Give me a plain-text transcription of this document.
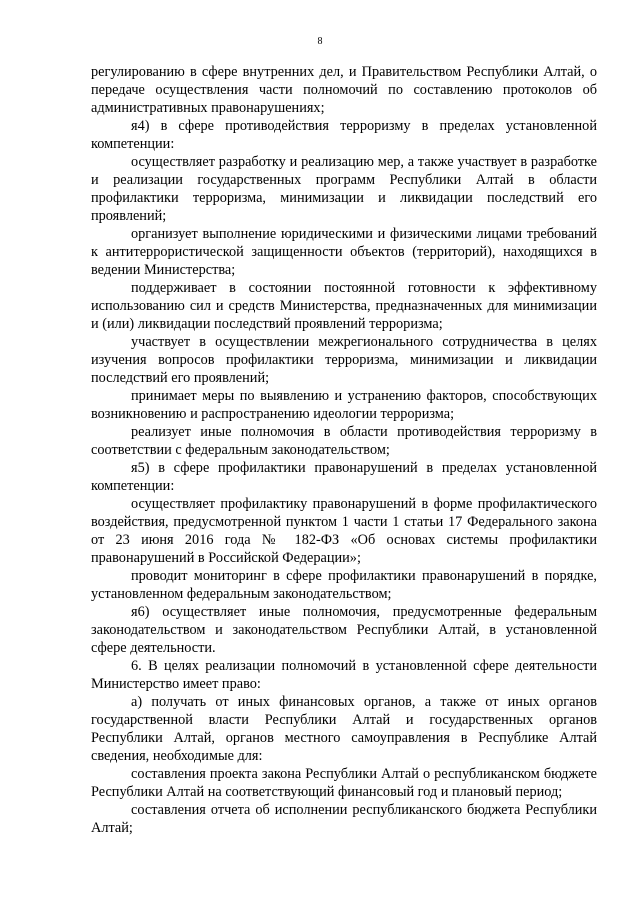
8

регулированию в сфере внутренних дел, и Правительством Республики Алтай, о передаче осуществления части полномочий по составлению протоколов об административных правонарушениях;

я4) в сфере противодействия терроризму в пределах установленной компетенции:

осуществляет разработку и реализацию мер, а также участвует в разработке и реализации государственных программ Республики Алтай в области профилактики терроризма, минимизации и ликвидации последствий его проявлений;

организует выполнение юридическими и физическими лицами требований к антитеррористической защищенности объектов (территорий), находящихся в ведении Министерства;

поддерживает в состоянии постоянной готовности к эффективному использованию сил и средств Министерства, предназначенных для минимизации и (или) ликвидации последствий проявлений терроризма;

участвует в осуществлении межрегионального сотрудничества в целях изучения вопросов профилактики терроризма, минимизации и ликвидации последствий его проявлений;

принимает меры по выявлению и устранению факторов, способствующих возникновению и распространению идеологии терроризма;

реализует иные полномочия в области противодействия терроризму в соответствии с федеральным законодательством;

я5) в сфере профилактики правонарушений в пределах установленной компетенции:

осуществляет профилактику правонарушений в форме профилактического воздействия, предусмотренной пунктом 1 части 1 статьи 17 Федерального закона от 23 июня 2016 года № 182-ФЗ «Об основах системы профилактики правонарушений в Российской Федерации»;

проводит мониторинг в сфере профилактики правонарушений в порядке, установленном федеральным законодательством;

я6) осуществляет иные полномочия, предусмотренные федеральным законодательством и законодательством Республики Алтай, в установленной сфере деятельности.

6. В целях реализации полномочий в установленной сфере деятельности Министерство имеет право:

а) получать от иных финансовых органов, а также от иных органов государственной власти Республики Алтай и государственных органов Республики Алтай, органов местного самоуправления в Республике Алтай сведения, необходимые для:

составления проекта закона Республики Алтай о республиканском бюджете Республики Алтай на соответствующий финансовый год и плановый период;

составления отчета об исполнении республиканского бюджета Республики Алтай;
